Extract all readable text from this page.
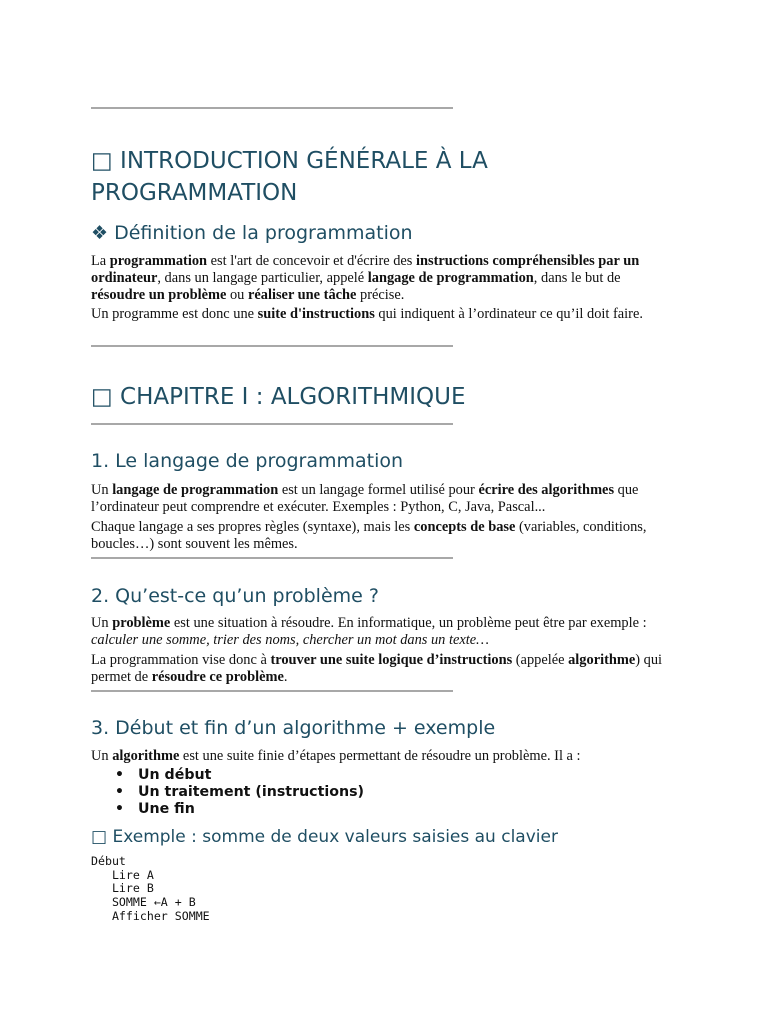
□ INTRODUCTION GÉNÉRALE À LA PROGRAMMATION
❖ Définition de la programmation

La programmation est l'art de concevoir et d'écrire des instructions compréhensibles par un ordinateur, dans un langage particulier, appelé langage de programmation, dans le but de résoudre un problème ou réaliser une tâche précise.

Un programme est donc une suite d'instructions qui indiquent à l’ordinateur ce qu’il doit faire.

□ CHAPITRE I : ALGORITHMIQUE
1. Le langage de programmation

Un langage de programmation est un langage formel utilisé pour écrire des algorithmes que l’ordinateur peut comprendre et exécuter. Exemples : Python, C, Java, Pascal...

Chaque langage a ses propres règles (syntaxe), mais les concepts de base (variables, conditions, boucles…) sont souvent les mêmes.

2. Qu’est-ce qu’un problème ?

Un problème est une situation à résoudre. En informatique, un problème peut être par exemple : calculer une somme, trier des noms, chercher un mot dans un texte…

La programmation vise donc à trouver une suite logique d’instructions (appelée algorithme) qui permet de résoudre ce problème.

3. Début et fin d’un algorithme + exemple

Un algorithme est une suite finie d’étapes permettant de résoudre un problème. Il a :

• Un début
• Un traitement (instructions)
• Une fin
□ Exemple : somme de deux valeurs saisies au clavier
Début
Lire A
Lire B
SOMME ←A + B
Afficher SOMME
